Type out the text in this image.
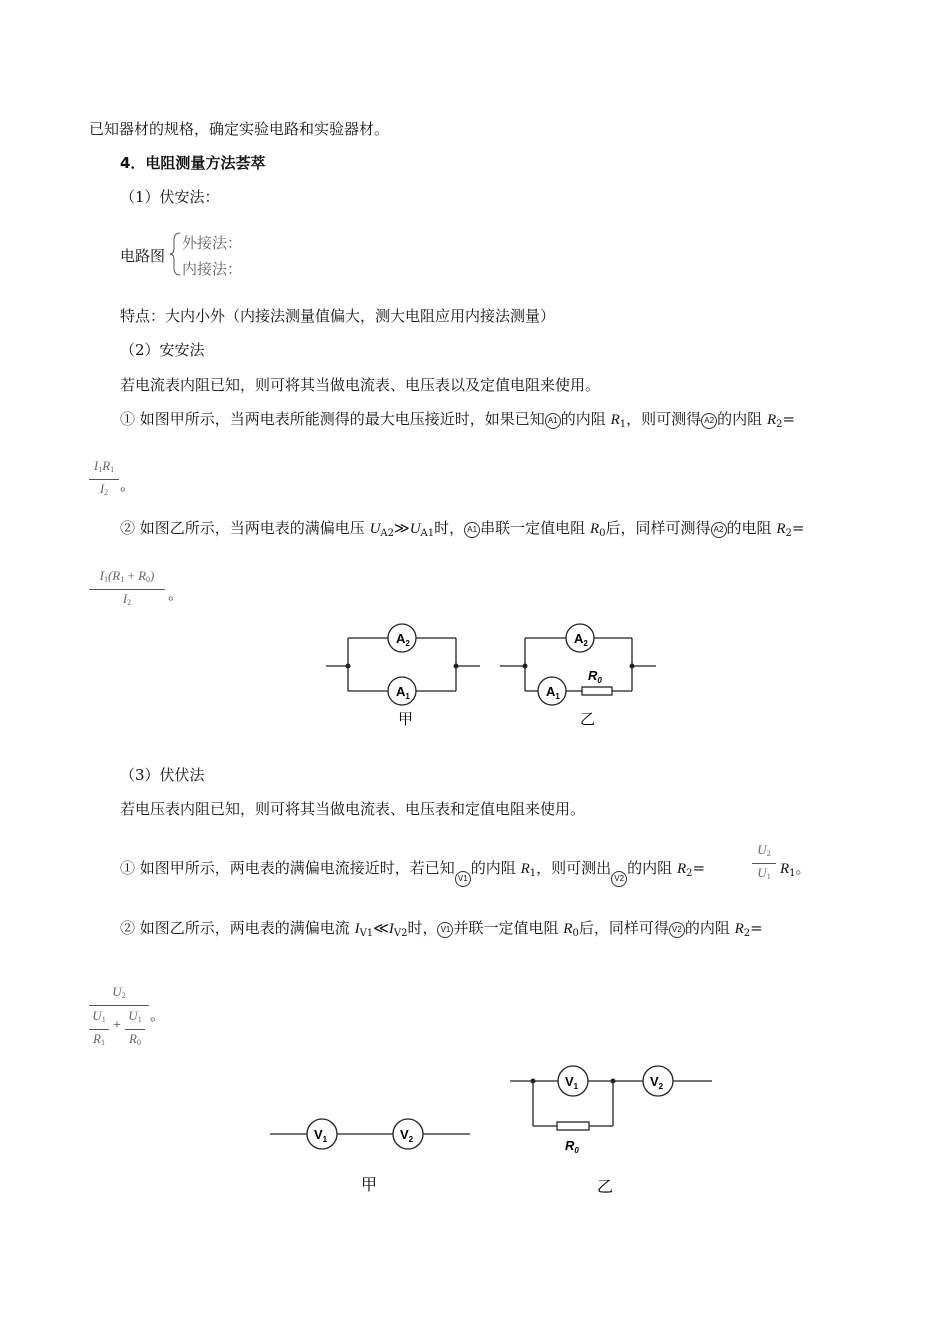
已知器材的规格，确定实验电路和实验器材。
4．电阻测量方法荟萃
（1）伏安法：
电路图
外接法：
内接法：
特点：大内小外（内接法测量值偏大，测大电阻应用内接法测量）
（2）安安法
若电流表内阻已知，则可将其当做电流表、电压表以及定值电阻来使用。
① 如图甲所示，当两电表所能测得的最大电压接近时，如果已知 A1 的内阻 $R_1$，则可测得 A2 的内阻 $R_2=$
I1R1
I2 。
② 如图乙所示，当两电表的满偏电压 $U_{A2}≫U_{A1}$时， A1 串联一定值电阻 $R_0$后，同样可测得 A2 的电阻 $R_2=$
I1(R1 + R0)
I2	。
$A_2$
$A_1$
甲
$A_2$
$A_1$
$R_0$
乙
（3）伏伏法
若电压表内阻已知，则可将其当做电流表、电压表和定值电阻来使用。
① 如图甲所示，两电表的满偏电流接近时，若已知V1的内阻 $R_1$，则可测出V2的内阻 $R_2=$
U2
U1 $R_1$。
② 如图乙所示，两电表的满偏电流 $I_{V1}≪I_{V2}$时， V1 并联一定值电阻 $R_0$后，同样可得 V2 的内阻 $R_2=$
U2
U1
R1
+
U1
R0
。
$V_1$	$V_2$
甲
$V_1$	$V_2$
$R_0$
乙
